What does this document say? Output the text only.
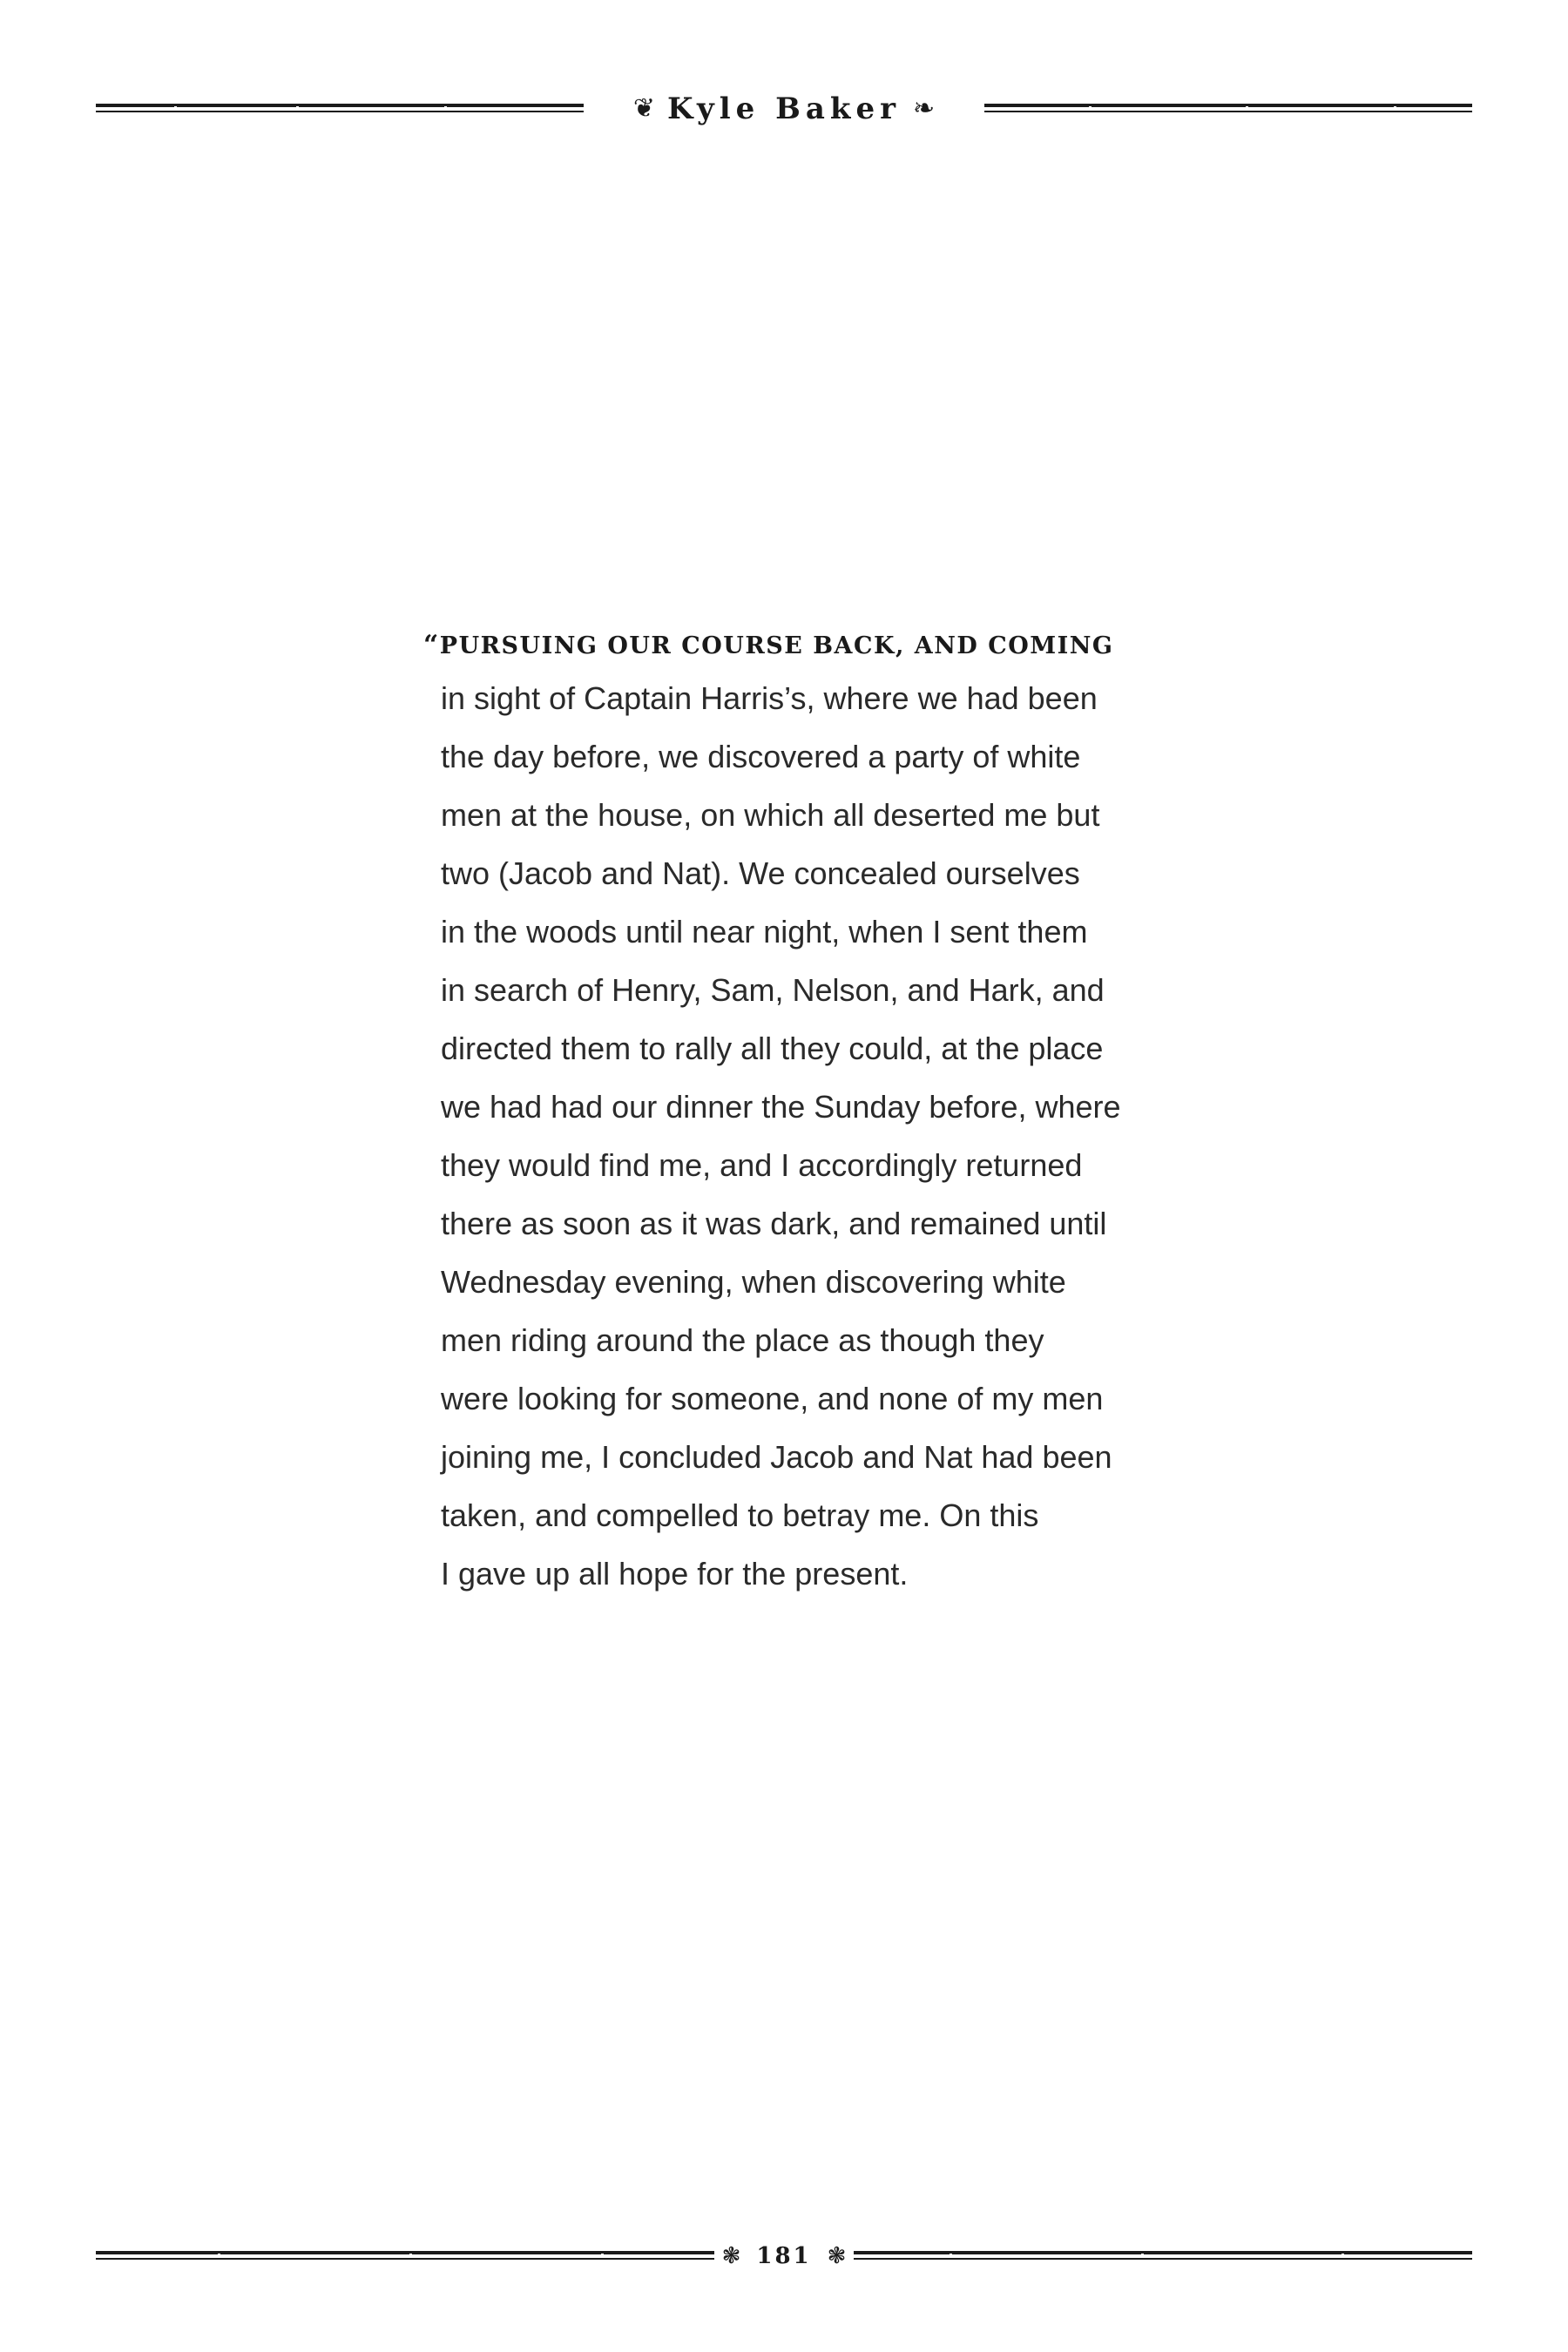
❦ Kyle Baker ❧
“PURSUING OUR COURSE BACK, AND COMING
in sight of Captain Harris’s, where we had been
the day before, we discovered a party of white
men at the house, on which all deserted me but
two (Jacob and Nat). We concealed ourselves
in the woods until near night, when I sent them
in search of Henry, Sam, Nelson, and Hark, and
directed them to rally all they could, at the place
we had had our dinner the Sunday before, where
they would find me, and I accordingly returned
there as soon as it was dark, and remained until
Wednesday evening, when discovering white
men riding around the place as though they
were looking for someone, and none of my men
joining me, I concluded Jacob and Nat had been
taken, and compelled to betray me. On this
I gave up all hope for the present.
❃ 181 ❃
